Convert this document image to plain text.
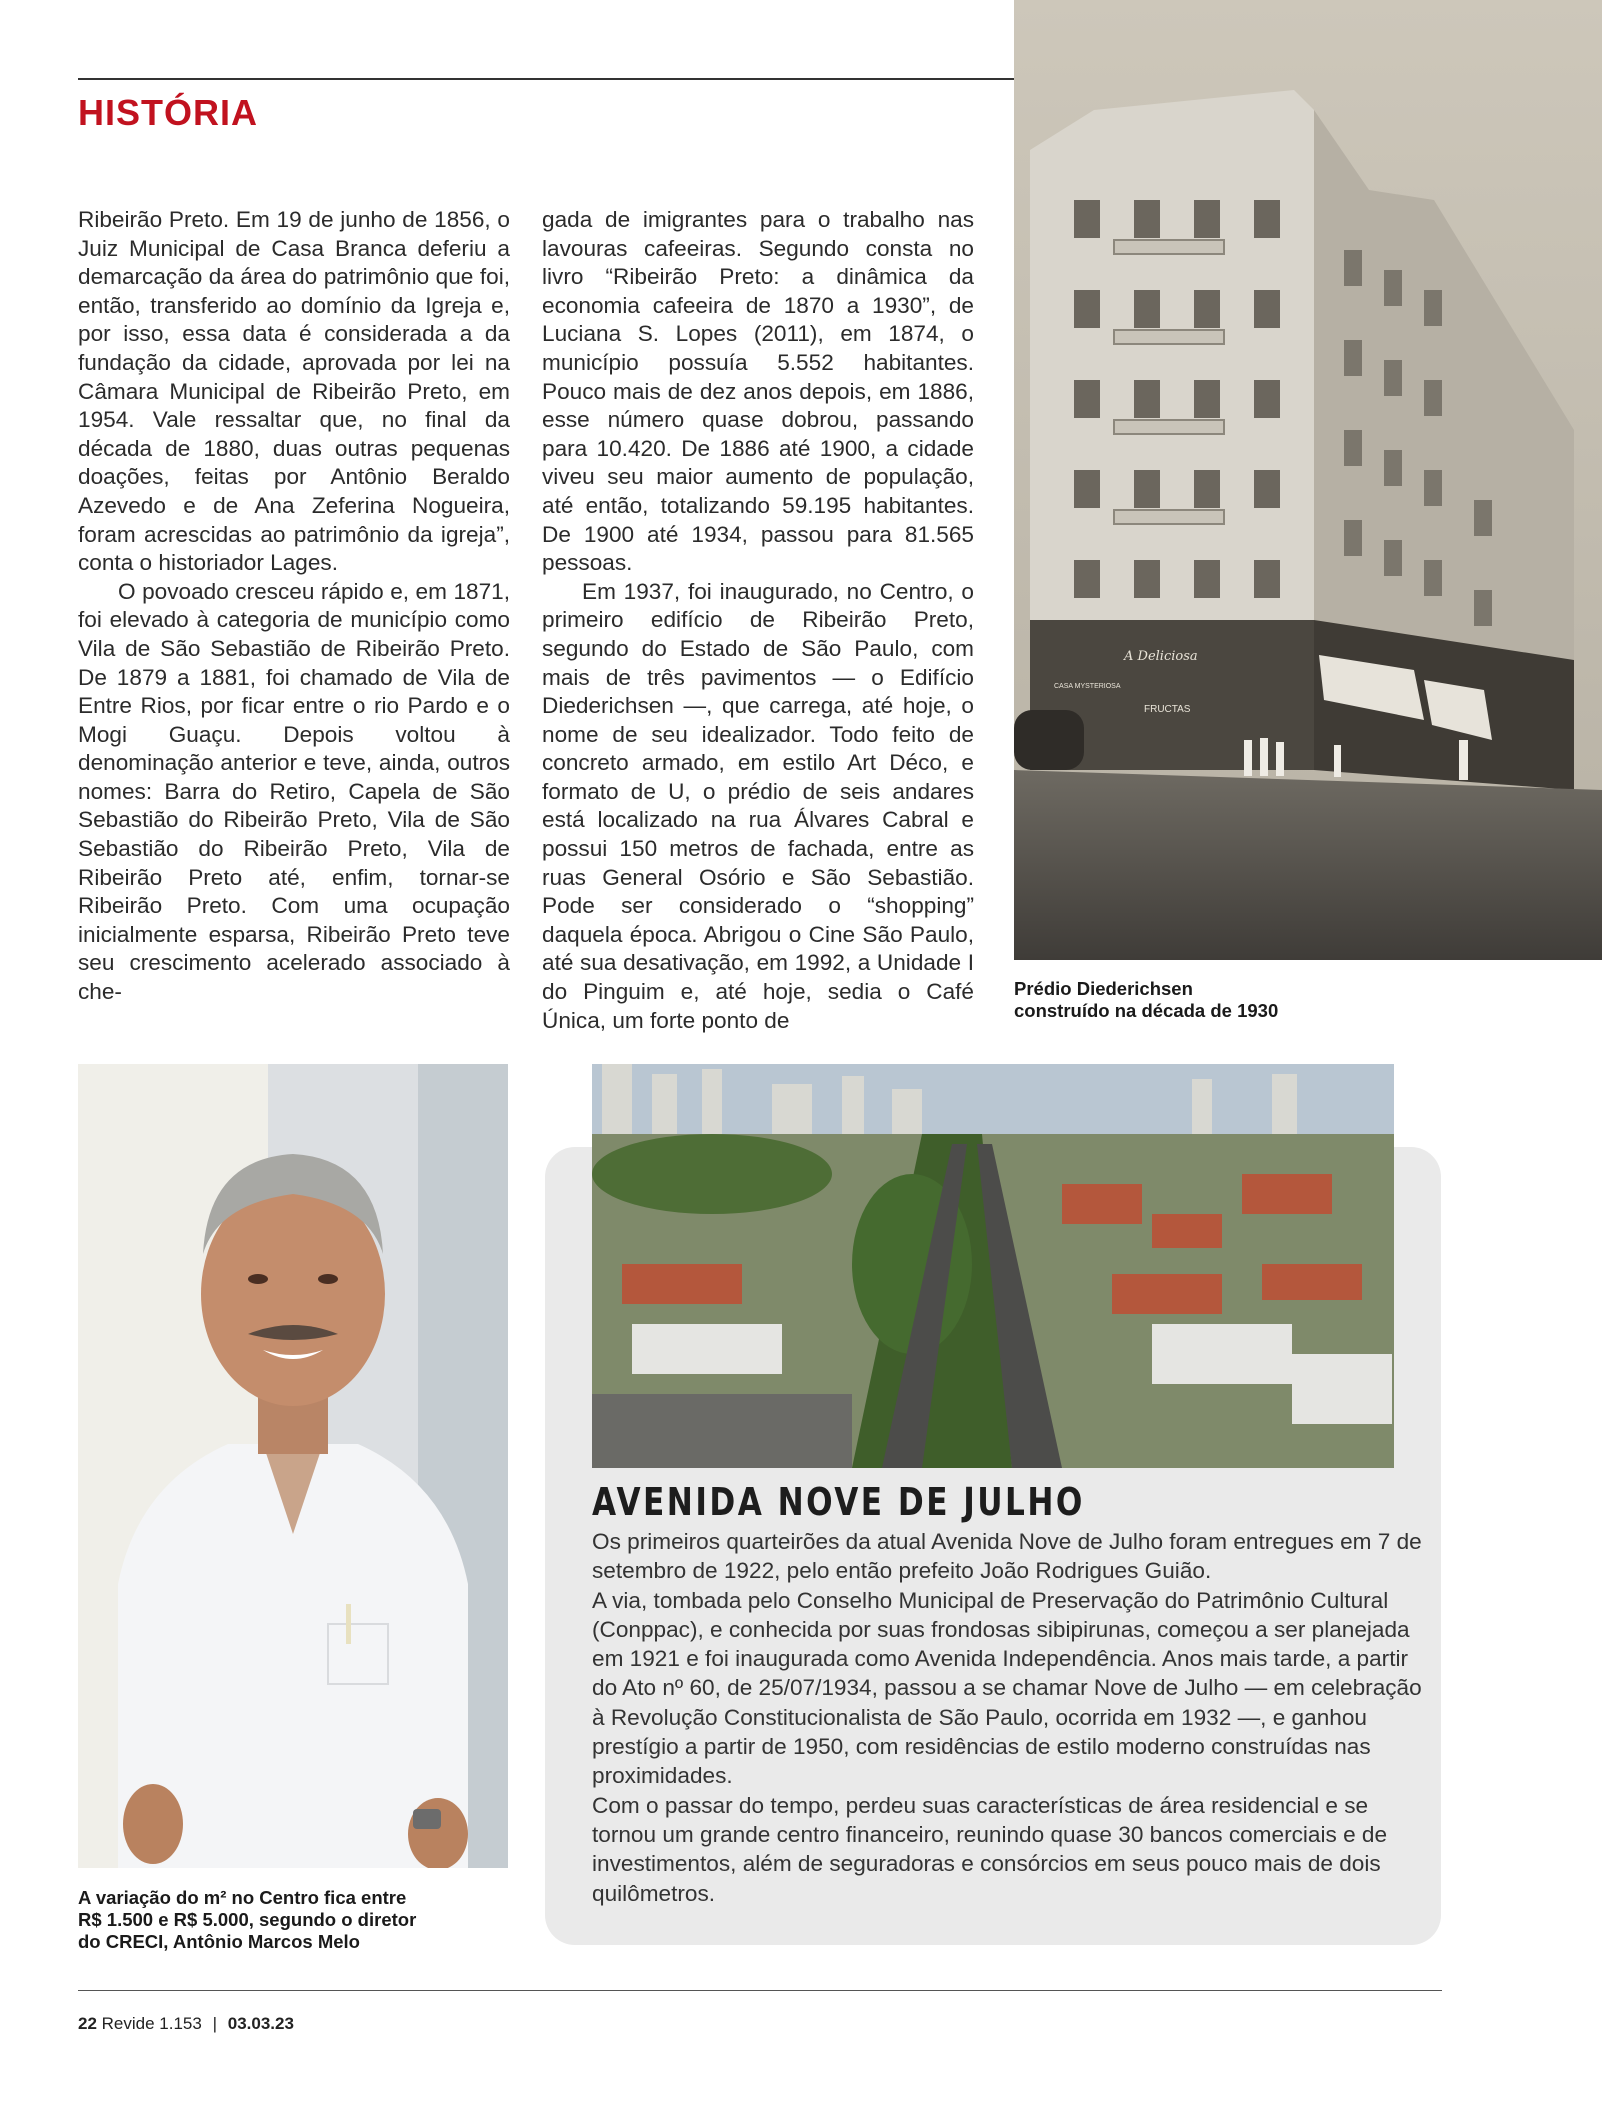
HISTÓRIA

Ribeirão Preto. Em 19 de junho de 1856, o Juiz Municipal de Casa Branca deferiu a demarcação da área do patrimônio que foi, então, transferido ao domínio da Igreja e, por isso, essa data é considerada a da fundação da cidade, aprovada por lei na Câmara Municipal de Ribeirão Preto, em 1954. Vale ressaltar que, no final da década de 1880, duas outras pequenas doações, feitas por Antônio Beraldo Azevedo e de Ana Zeferina Nogueira, foram acrescidas ao patrimônio da igreja”, conta o historiador Lages.

O povoado cresceu rápido e, em 1871, foi elevado à categoria de município como Vila de São Sebastião de Ribeirão Preto. De 1879 a 1881, foi chamado de Vila de Entre Rios, por ficar entre o rio Pardo e o Mogi Guaçu. Depois voltou à denominação anterior e teve, ainda, outros nomes: Barra do Retiro, Capela de São Sebastião do Ribeirão Preto, Vila de São Sebastião do Ribeirão Preto, Vila de Ribeirão Preto até, enfim, tornar-se Ribeirão Preto. Com uma ocupação inicialmente esparsa, Ribeirão Preto teve seu crescimento acelerado associado à che-

gada de imigrantes para o trabalho nas lavouras cafeeiras. Segundo consta no livro “Ribeirão Preto: a dinâmica da economia cafeeira de 1870 a 1930”, de Luciana S. Lopes (2011), em 1874, o município possuía 5.552 habitantes. Pouco mais de dez anos depois, em 1886, esse número quase dobrou, passando para 10.420. De 1886 até 1900, a cidade viveu seu maior aumento de população, até então, totalizando 59.195 habitantes. De 1900 até 1934, passou para 81.565 pessoas.

Em 1937, foi inaugurado, no Centro, o primeiro edifício de Ribeirão Preto, segundo do Estado de São Paulo, com mais de três pavimentos — o Edifício Diederichsen —, que carrega, até hoje, o nome de seu idealizador. Todo feito de concreto armado, em estilo Art Déco, e formato de U, o prédio de seis andares está localizado na rua Álvares Cabral e possui 150 metros de fachada, entre as ruas General Osório e São Sebastião. Pode ser considerado o “shopping” daquela época. Abrigou o Cine São Paulo, até sua desativação, em 1992, a Unidade I do Pinguim e, até hoje, sedia o Café Única, um forte ponto de

A Deliciosa
CASA MYSTERIOSA
FRUCTAS

Prédio Diederichsen
construído na década de 1930

A variação do m² no Centro fica entre
R$ 1.500 e R$ 5.000, segundo o diretor
do CRECI, Antônio Marcos Melo

AVENIDA NOVE DE JULHO

Os primeiros quarteirões da atual Avenida Nove de Julho foram entregues em 7 de setembro de 1922, pelo então prefeito João Rodrigues Guião.

A via, tombada pelo Conselho Municipal de Preservação do Patrimônio Cultural (Conppac), e conhecida por suas frondosas sibipirunas, começou a ser planejada em 1921 e foi inaugurada como Avenida Independência. Anos mais tarde, a partir do Ato nº 60, de 25/07/1934, passou a se chamar Nove de Julho — em celebração à Revolução Constitucionalista de São Paulo, ocorrida em 1932 —, e ganhou prestígio a partir de 1950, com residências de estilo moderno construídas nas proximidades.

Com o passar do tempo, perdeu suas características de área residencial e se tornou um grande centro financeiro, reunindo quase 30 bancos comerciais e de investimentos, além de seguradoras e consórcios em seus pouco mais de dois quilômetros.

22 Revide 1.153 | 03.03.23
